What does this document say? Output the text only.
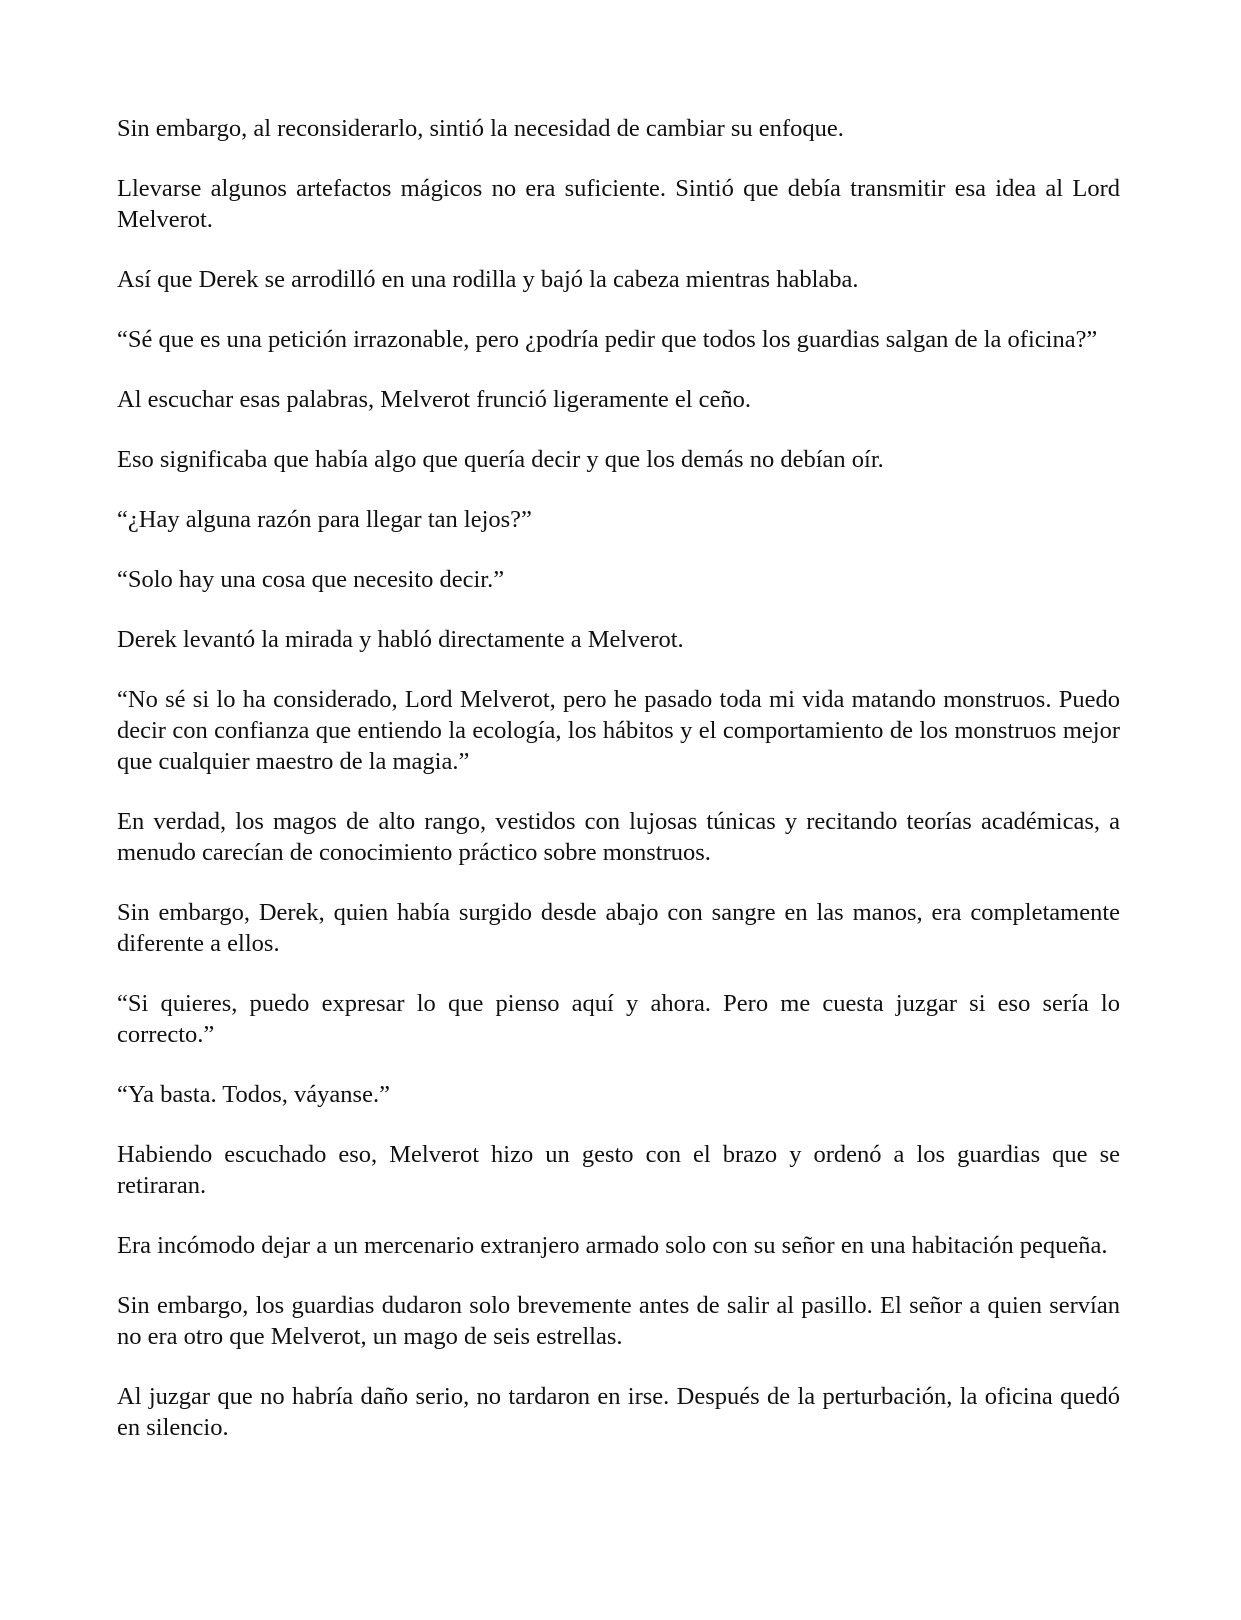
Sin embargo, al reconsiderarlo, sintió la necesidad de cambiar su enfoque.

Llevarse algunos artefactos mágicos no era suficiente. Sintió que debía transmitir esa idea al Lord Melverot.

Así que Derek se arrodilló en una rodilla y bajó la cabeza mientras hablaba.

“Sé que es una petición irrazonable, pero ¿podría pedir que todos los guardias salgan de la oficina?”

Al escuchar esas palabras, Melverot frunció ligeramente el ceño.

Eso significaba que había algo que quería decir y que los demás no debían oír.

“¿Hay alguna razón para llegar tan lejos?”

“Solo hay una cosa que necesito decir.”

Derek levantó la mirada y habló directamente a Melverot.

“No sé si lo ha considerado, Lord Melverot, pero he pasado toda mi vida matando monstruos. Puedo decir con confianza que entiendo la ecología, los hábitos y el comportamiento de los monstruos mejor que cualquier maestro de la magia.”

En verdad, los magos de alto rango, vestidos con lujosas túnicas y recitando teorías académicas, a menudo carecían de conocimiento práctico sobre monstruos.

Sin embargo, Derek, quien había surgido desde abajo con sangre en las manos, era completamente diferente a ellos.

“Si quieres, puedo expresar lo que pienso aquí y ahora. Pero me cuesta juzgar si eso sería lo correcto.”

“Ya basta. Todos, váyanse.”

Habiendo escuchado eso, Melverot hizo un gesto con el brazo y ordenó a los guardias que se retiraran.

Era incómodo dejar a un mercenario extranjero armado solo con su señor en una habitación pequeña.

Sin embargo, los guardias dudaron solo brevemente antes de salir al pasillo. El señor a quien servían no era otro que Melverot, un mago de seis estrellas.

Al juzgar que no habría daño serio, no tardaron en irse. Después de la perturbación, la oficina quedó en silencio.
